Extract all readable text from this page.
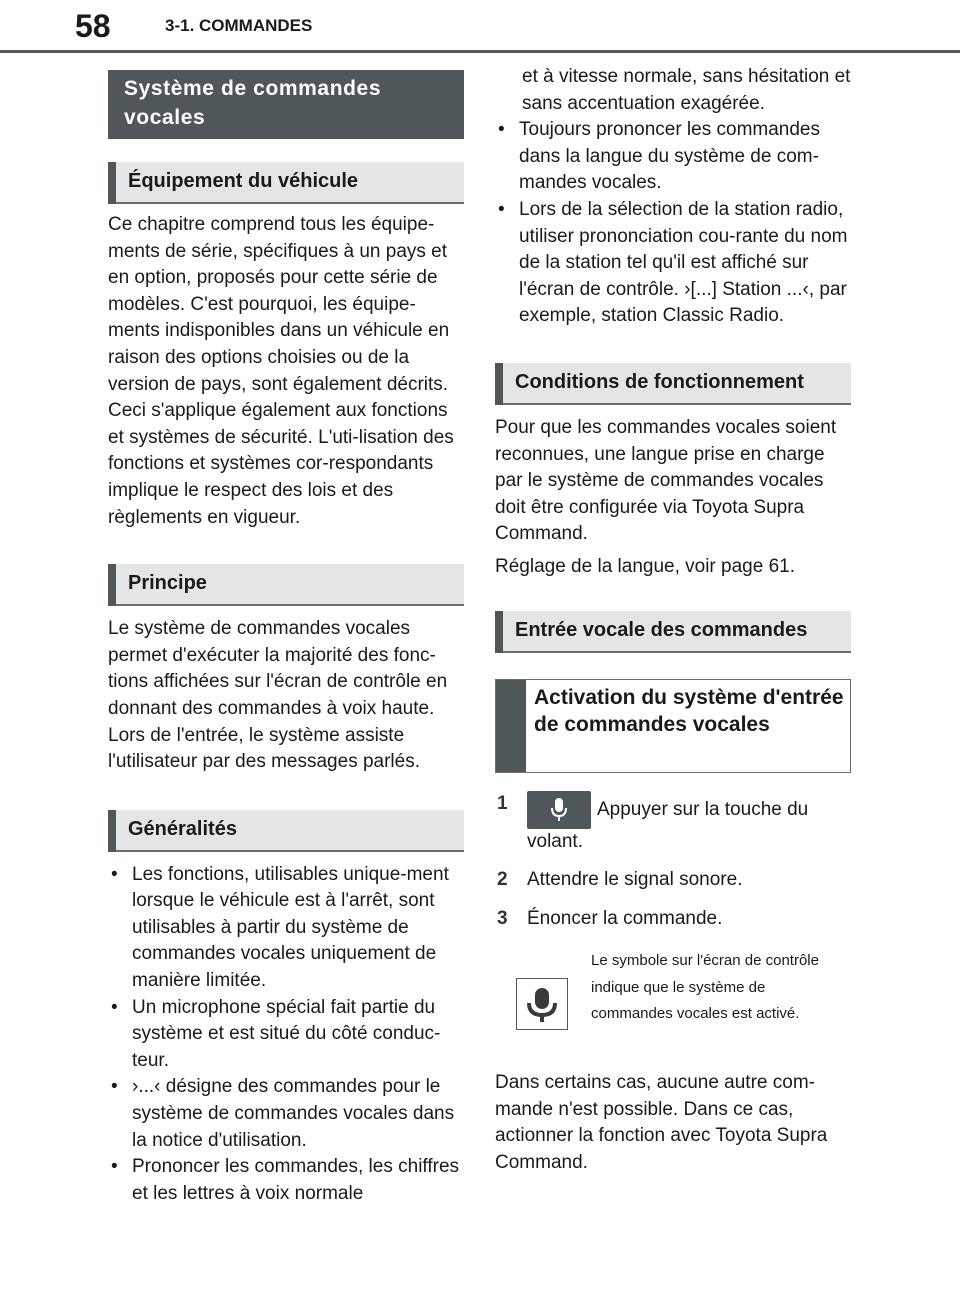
58	3-1. COMMANDES
Système de commandes vocales
Équipement du véhicule

Ce chapitre comprend tous les équipe-ments de série, spécifiques à un pays et en option, proposés pour cette série de modèles. C'est pourquoi, les équipe-ments indisponibles dans un véhicule en raison des options choisies ou de la version de pays, sont également décrits. Ceci s'applique également aux fonctions et systèmes de sécurité. L'uti-lisation des fonctions et systèmes cor-respondants implique le respect des lois et des règlements en vigueur.

Principe

Le système de commandes vocales permet d'exécuter la majorité des fonc-tions affichées sur l'écran de contrôle en donnant des commandes à voix haute. Lors de l'entrée, le système assiste l'utilisateur par des messages parlés.

Généralités
• Les fonctions, utilisables unique-ment lorsque le véhicule est à l'arrêt, sont utilisables à partir du système de commandes vocales uniquement de manière limitée.
• Un microphone spécial fait partie du système et est situé du côté conduc-teur.
• ›...‹ désigne des commandes pour le système de commandes vocales dans la notice d'utilisation.
• Prononcer les commandes, les chiffres et les lettres à voix normale

et à vitesse normale, sans hésitation et sans accentuation exagérée.

• Toujours prononcer les commandes dans la langue du système de com-mandes vocales.
• Lors de la sélection de la station radio, utiliser prononciation cou-rante du nom de la station tel qu'il est affiché sur l'écran de contrôle. ›[...] Station ...‹, par exemple, station Classic Radio.
Conditions de fonctionnement

Pour que les commandes vocales soient reconnues, une langue prise en charge par le système de commandes vocales doit être configurée via Toyota Supra Command.

Réglage de la langue, voir page 61.

Entrée vocale des commandes
Activation du système d'entrée de commandes vocales
1	Appuyer sur la touche du volant.
2 Attendre le signal sonore.
3 Énoncer la commande.
Le symbole sur l'écran de contrôle indique que le système de commandes vocales est activé.

Dans certains cas, aucune autre com-mande n'est possible. Dans ce cas, actionner la fonction avec Toyota Supra Command.
